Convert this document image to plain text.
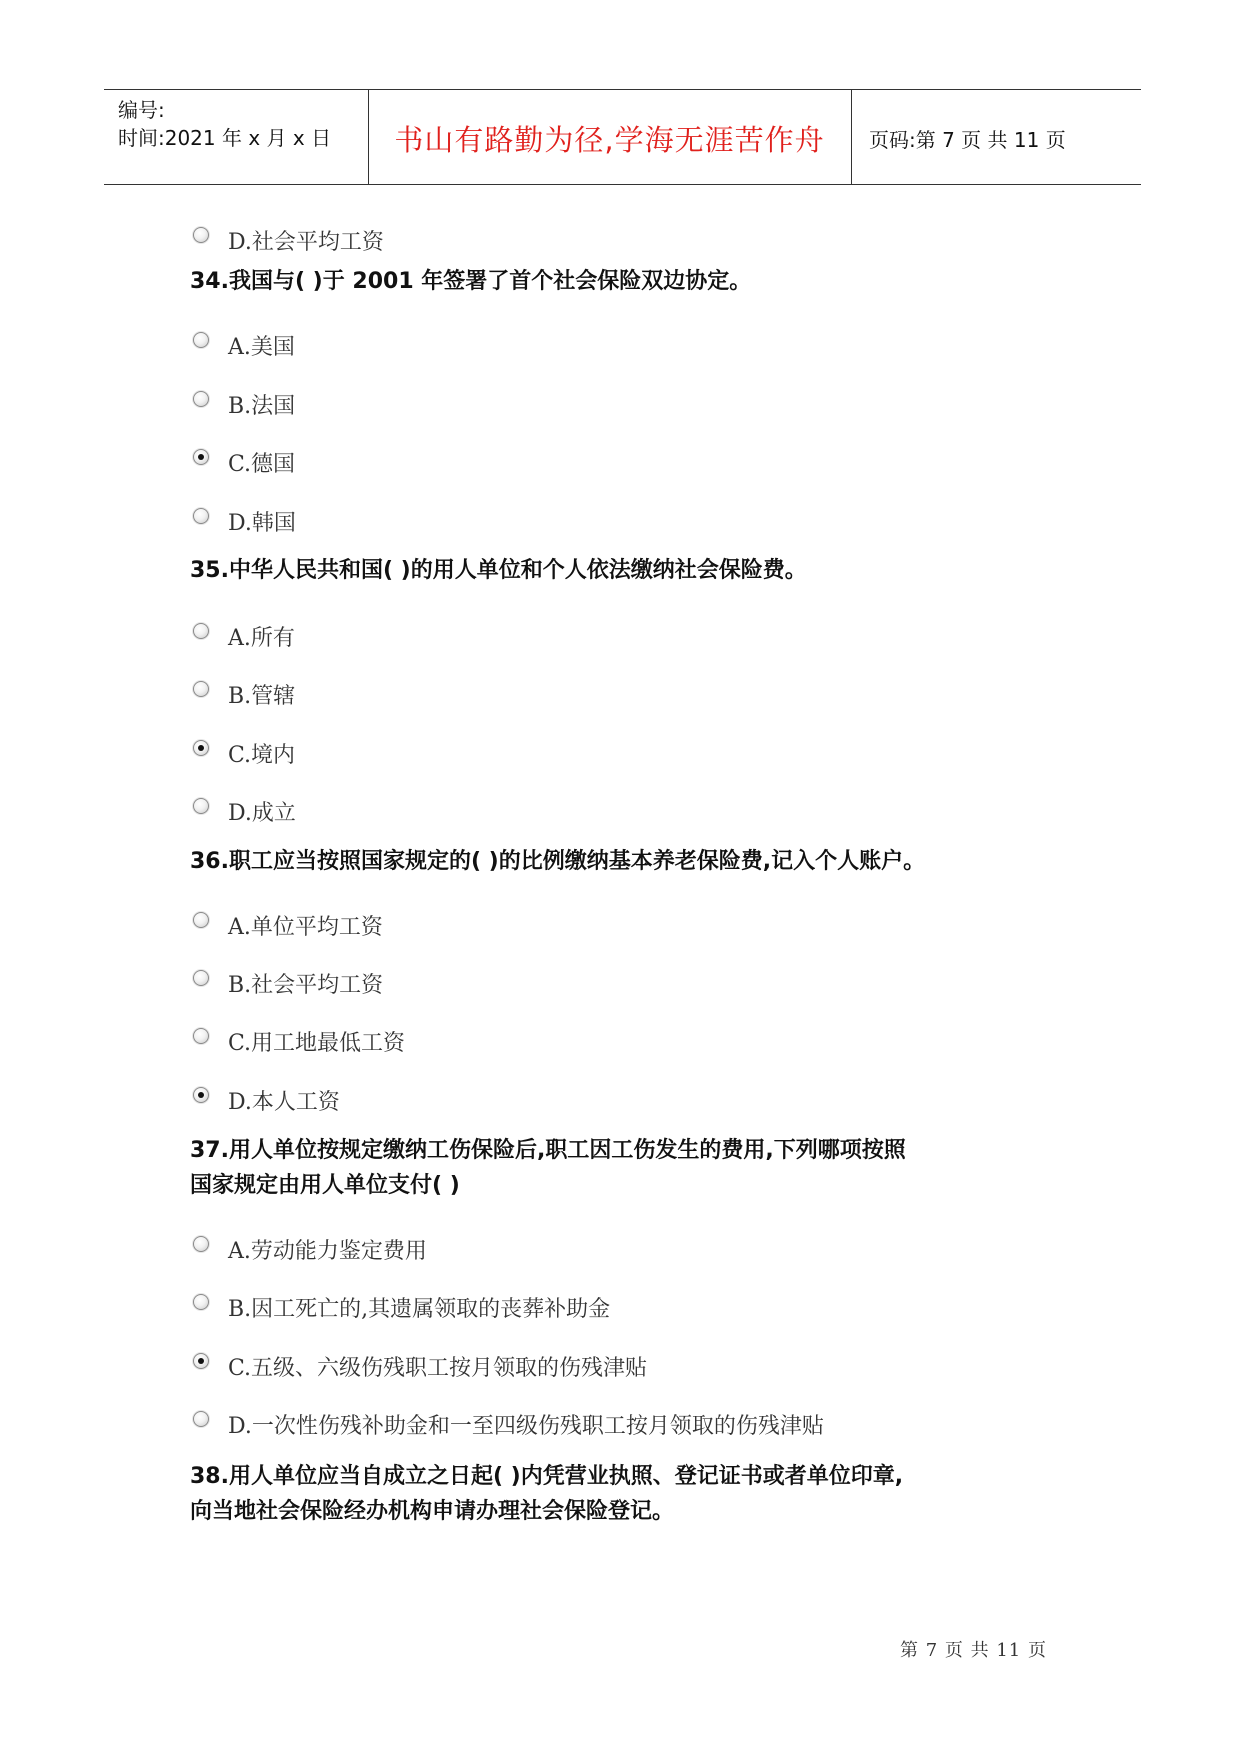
编号:
时间:2021 年 x 月 x 日	书山有路勤为径,学海无涯苦作舟	页码:第 7 页 共 11 页
D.社会平均工资
34.我国与( )于 2001 年签署了首个社会保险双边协定。
A.美国
B.法国
C.德国
D.韩国
35.中华人民共和国( )的用人单位和个人依法缴纳社会保险费。
A.所有
B.管辖
C.境内
D.成立
36.职工应当按照国家规定的( )的比例缴纳基本养老保险费,记入个人账户。
A.单位平均工资
B.社会平均工资
C.用工地最低工资
D.本人工资
37.用人单位按规定缴纳工伤保险后,职工因工伤发生的费用,下列哪项按照
国家规定由用人单位支付( )
A.劳动能力鉴定费用
B.因工死亡的,其遗属领取的丧葬补助金
C.五级、六级伤残职工按月领取的伤残津贴
D.一次性伤残补助金和一至四级伤残职工按月领取的伤残津贴
38.用人单位应当自成立之日起( )内凭营业执照、登记证书或者单位印章,
向当地社会保险经办机构申请办理社会保险登记。
第 7 页 共 11 页
